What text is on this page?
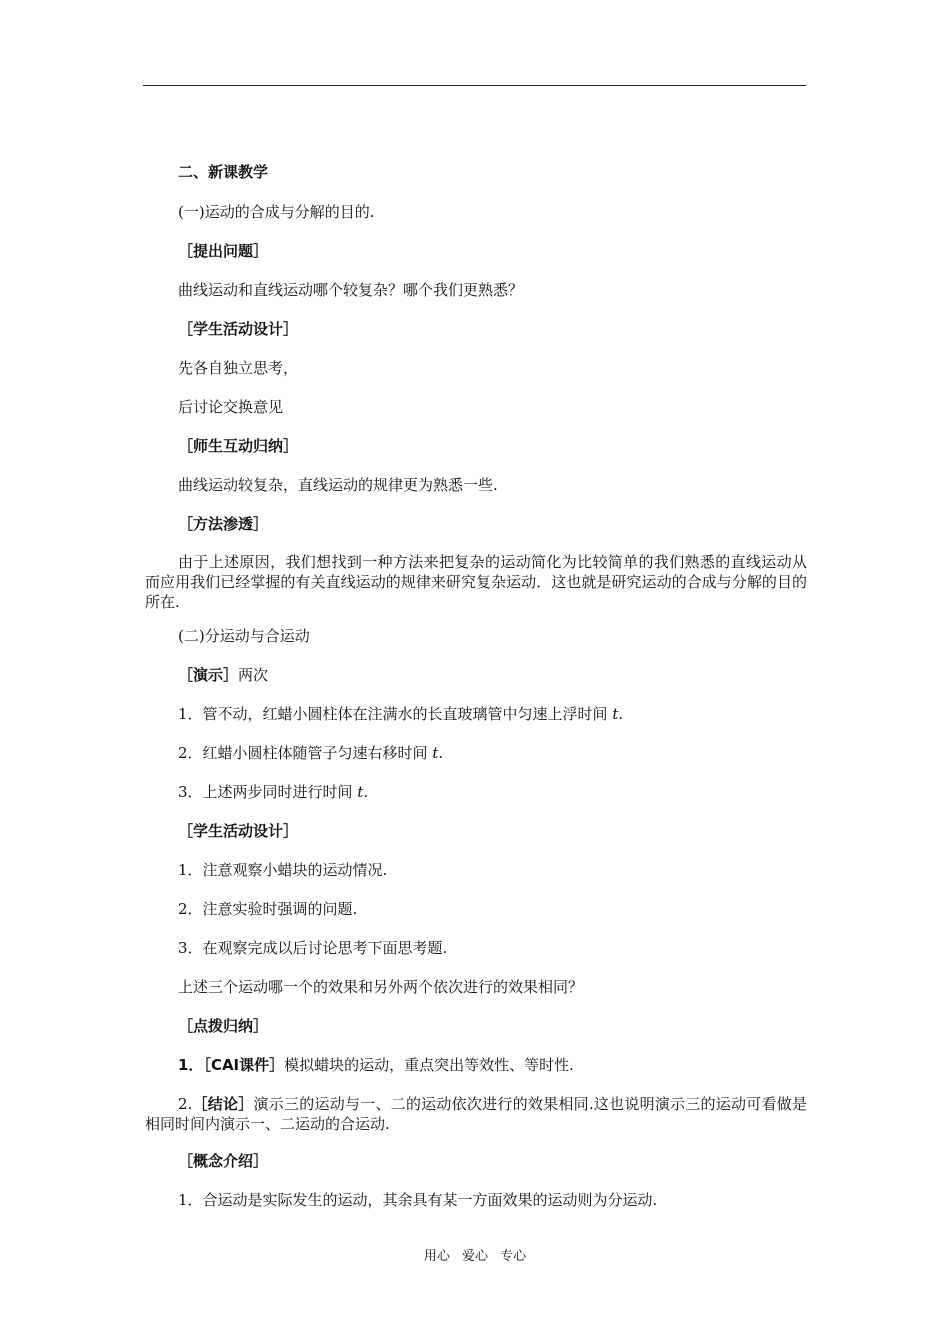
二、新课教学
(一)运动的合成与分解的目的.
［提出问题］
曲线运动和直线运动哪个较复杂？哪个我们更熟悉？
［学生活动设计］
先各自独立思考，
后讨论交换意见
［师生互动归纳］
曲线运动较复杂，直线运动的规律更为熟悉一些.
［方法渗透］
由于上述原因，我们想找到一种方法来把复杂的运动简化为比较简单的我们熟悉的直线运动从而应用我们已经掌握的有关直线运动的规律来研究复杂运动．这也就是研究运动的合成与分解的目的所在.
(二)分运动与合运动
［演示］两次
1．管不动，红蜡小圆柱体在注满水的长直玻璃管中匀速上浮时间 t.
2．红蜡小圆柱体随管子匀速右移时间 t.
3．上述两步同时进行时间 t.
［学生活动设计］
1．注意观察小蜡块的运动情况.
2．注意实验时强调的问题.
3．在观察完成以后讨论思考下面思考题.
上述三个运动哪一个的效果和另外两个依次进行的效果相同？
［点拨归纳］
1．［CAI课件］模拟蜡块的运动，重点突出等效性、等时性.
2.［结论］演示三的运动与一、二的运动依次进行的效果相同.这也说明演示三的运动可看做是相同时间内演示一、二运动的合运动.
［概念介绍］
1．合运动是实际发生的运动，其余具有某一方面效果的运动则为分运动.
用心 爱心 专心
